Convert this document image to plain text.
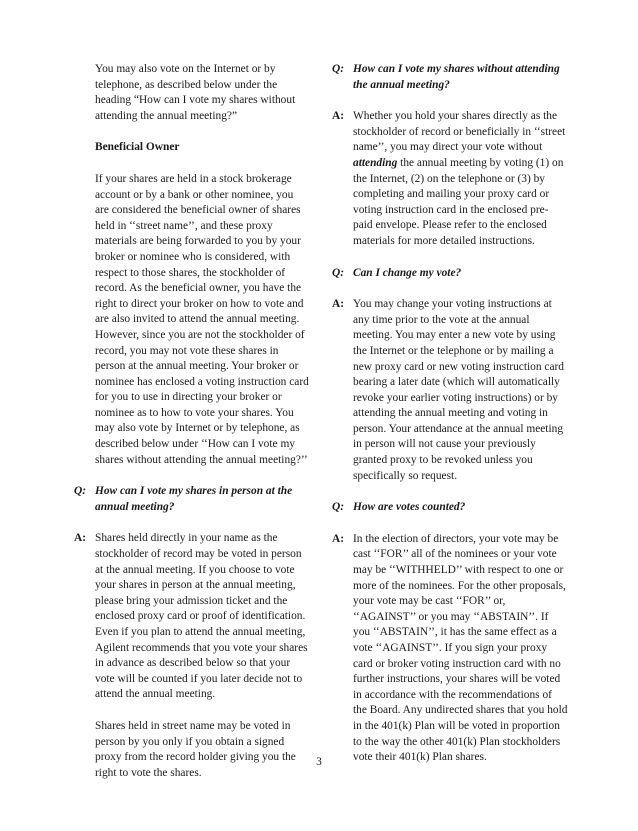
You may also vote on the Internet or by telephone, as described below under the heading “How can I vote my shares without attending the annual meeting?”

Beneficial Owner

If your shares are held in a stock brokerage account or by a bank or other nominee, you are considered the beneficial owner of shares held in ‘‘street name’’, and these proxy materials are being forwarded to you by your broker or nominee who is considered, with respect to those shares, the stockholder of record. As the beneficial owner, you have the right to direct your broker on how to vote and are also invited to attend the annual meeting. However, since you are not the stockholder of record, you may not vote these shares in person at the annual meeting. Your broker or nominee has enclosed a voting instruction card for you to use in directing your broker or nominee as to how to vote your shares. You may also vote by Internet or by telephone, as described below under ‘‘How can I vote my shares without attending the annual meeting?’’

Q: How can I vote my shares in person at the annual meeting?

A: Shares held directly in your name as the stockholder of record may be voted in person at the annual meeting. If you choose to vote your shares in person at the annual meeting, please bring your admission ticket and the enclosed proxy card or proof of identification. Even if you plan to attend the annual meeting, Agilent recommends that you vote your shares in advance as described below so that your vote will be counted if you later decide not to attend the annual meeting.

Shares held in street name may be voted in person by you only if you obtain a signed proxy from the record holder giving you the right to vote the shares.

Q: How can I vote my shares without attending the annual meeting?

A: Whether you hold your shares directly as the stockholder of record or beneficially in ‘‘street name’’, you may direct your vote without attending the annual meeting by voting (1) on the Internet, (2) on the telephone or (3) by completing and mailing your proxy card or voting instruction card in the enclosed pre-paid envelope. Please refer to the enclosed materials for more detailed instructions.

Q: Can I change my vote?

A: You may change your voting instructions at any time prior to the vote at the annual meeting. You may enter a new vote by using the Internet or the telephone or by mailing a new proxy card or new voting instruction card bearing a later date (which will automatically revoke your earlier voting instructions) or by attending the annual meeting and voting in person. Your attendance at the annual meeting in person will not cause your previously granted proxy to be revoked unless you specifically so request.

Q: How are votes counted?

A: In the election of directors, your vote may be cast ‘‘FOR’’ all of the nominees or your vote may be ‘‘WITHHELD’’ with respect to one or more of the nominees. For the other proposals, your vote may be cast ‘‘FOR’’ or, ‘‘AGAINST’’ or you may ‘‘ABSTAIN’’. If you ‘‘ABSTAIN’’, it has the same effect as a vote ‘‘AGAINST’’. If you sign your proxy card or broker voting instruction card with no further instructions, your shares will be voted in accordance with the recommendations of the Board. Any undirected shares that you hold in the 401(k) Plan will be voted in proportion to the way the other 401(k) Plan stockholders vote their 401(k) Plan shares.

3
